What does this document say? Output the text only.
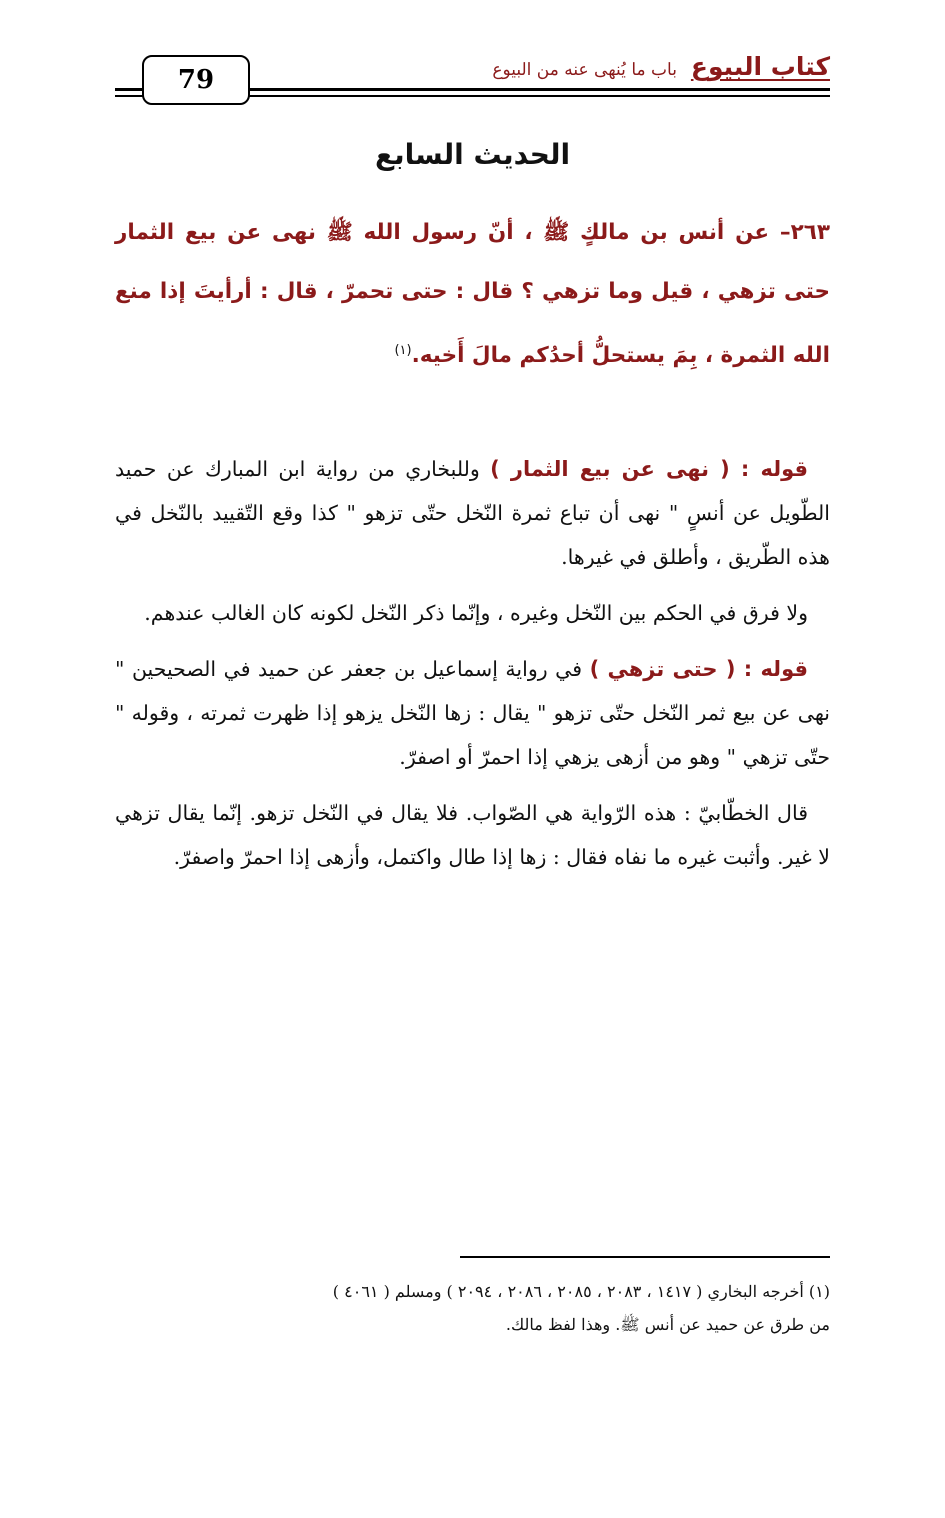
79	كتاب البيوع
باب ما يُنهى عنه من البيوع
الحديث السابع
٢٦٣– عن أنس بن مالكٍ ﷺ ، أنّ رسول الله ﷺ نهى عن بيع الثمار حتى تزهي ، قيل وما تزهي ؟ قال : حتى تحمرّ ، قال : أرأيتَ إذا منع الله الثمرة ، بِمَ يستحلُّ أحدُكم مالَ أَخيه.$^{(١)}$

قوله : ( نهى عن بيع الثمار ) وللبخاري من رواية ابن المبارك عن حميد الطّويل عن أنسٍ " نهى أن تباع ثمرة النّخل حتّى تزهو " كذا وقع التّقييد بالنّخل في هذه الطّريق ، وأطلق في غيرها.

ولا فرق في الحكم بين النّخل وغيره ، وإنّما ذكر النّخل لكونه كان الغالب عندهم.

قوله : ( حتى تزهي ) في رواية إسماعيل بن جعفر عن حميد في الصحيحين " نهى عن بيع ثمر النّخل حتّى تزهو " يقال : زها النّخل يزهو إذا ظهرت ثمرته ، وقوله " حتّى تزهي " وهو من أزهى يزهي إذا احمرّ أو اصفرّ.

قال الخطّابيّ : هذه الرّواية هي الصّواب. فلا يقال في النّخل تزهو. إنّما يقال تزهي لا غير. وأثبت غيره ما نفاه فقال : زها إذا طال واكتمل، وأزهى إذا احمرّ واصفرّ.

(١) أخرجه البخاري ( ١٤١٧ ، ٢٠٨٣ ، ٢٠٨٥ ، ٢٠٨٦ ، ٢٠٩٤ ) ومسلم ( ٤٠٦١ )

من طرق عن حميد عن أنس ﷺ. وهذا لفظ مالك.
